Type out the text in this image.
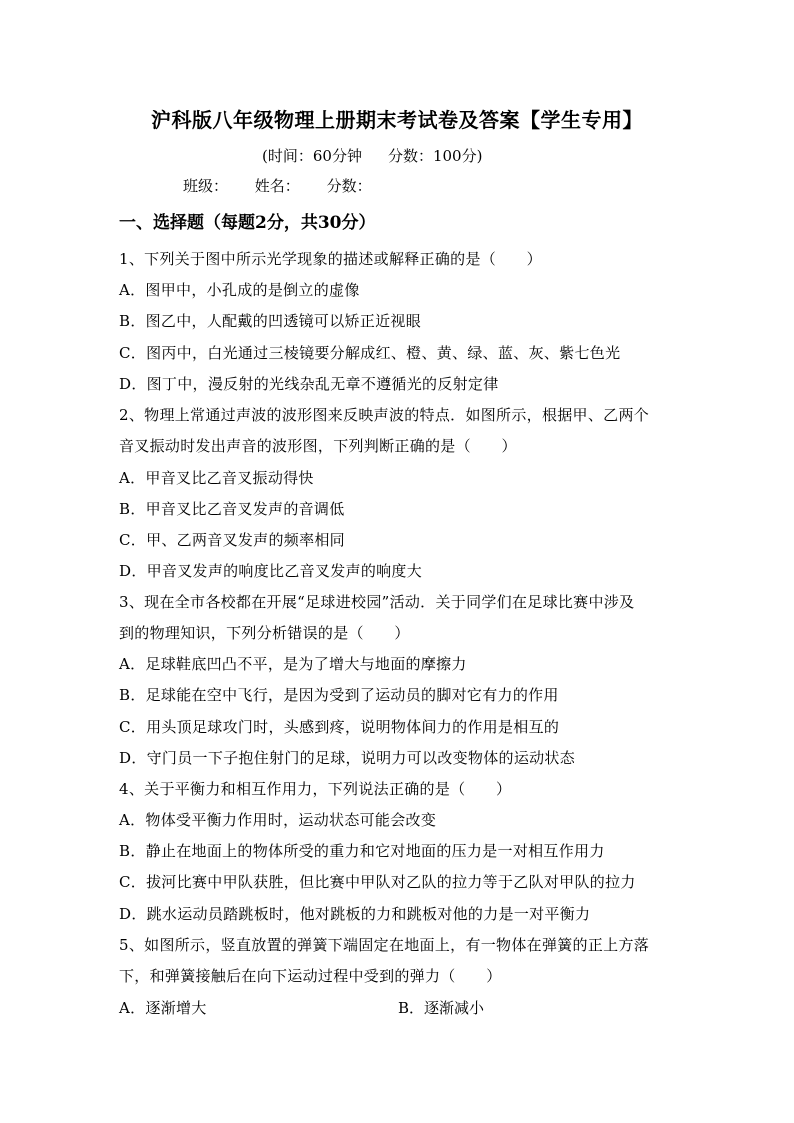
沪科版八年级物理上册期末考试卷及答案【学生专用】
(时间：60分钟 分数：100分)
班级： 姓名： 分数：
一、选择题（每题2分，共30分）
1、下列关于图中所示光学现象的描述或解释正确的是（　　）
A．图甲中，小孔成的是倒立的虚像
B．图乙中，人配戴的凹透镜可以矫正近视眼
C．图丙中，白光通过三棱镜要分解成红、橙、黄、绿、蓝、灰、紫七色光
D．图丁中，漫反射的光线杂乱无章不遵循光的反射定律
2、物理上常通过声波的波形图来反映声波的特点．如图所示，根据甲、乙两个
音叉振动时发出声音的波形图，下列判断正确的是（　　）
A．甲音叉比乙音叉振动得快
B．甲音叉比乙音叉发声的音调低
C．甲、乙两音叉发声的频率相同
D．甲音叉发声的响度比乙音叉发声的响度大
3、现在全市各校都在开展“足球进校园”活动．关于同学们在足球比赛中涉及
到的物理知识，下列分析错误的是（　　）
A．足球鞋底凹凸不平，是为了增大与地面的摩擦力
B．足球能在空中飞行，是因为受到了运动员的脚对它有力的作用
C．用头顶足球攻门时，头感到疼，说明物体间力的作用是相互的
D．守门员一下子抱住射门的足球，说明力可以改变物体的运动状态
4、关于平衡力和相互作用力，下列说法正确的是（　　）
A．物体受平衡力作用时，运动状态可能会改变
B．静止在地面上的物体所受的重力和它对地面的压力是一对相互作用力
C．拔河比赛中甲队获胜，但比赛中甲队对乙队的拉力等于乙队对甲队的拉力
D．跳水运动员踏跳板时，他对跳板的力和跳板对他的力是一对平衡力
5、如图所示，竖直放置的弹簧下端固定在地面上，有一物体在弹簧的正上方落
下，和弹簧接触后在向下运动过程中受到的弹力（　　）
A．逐渐增大	B．逐渐减小
